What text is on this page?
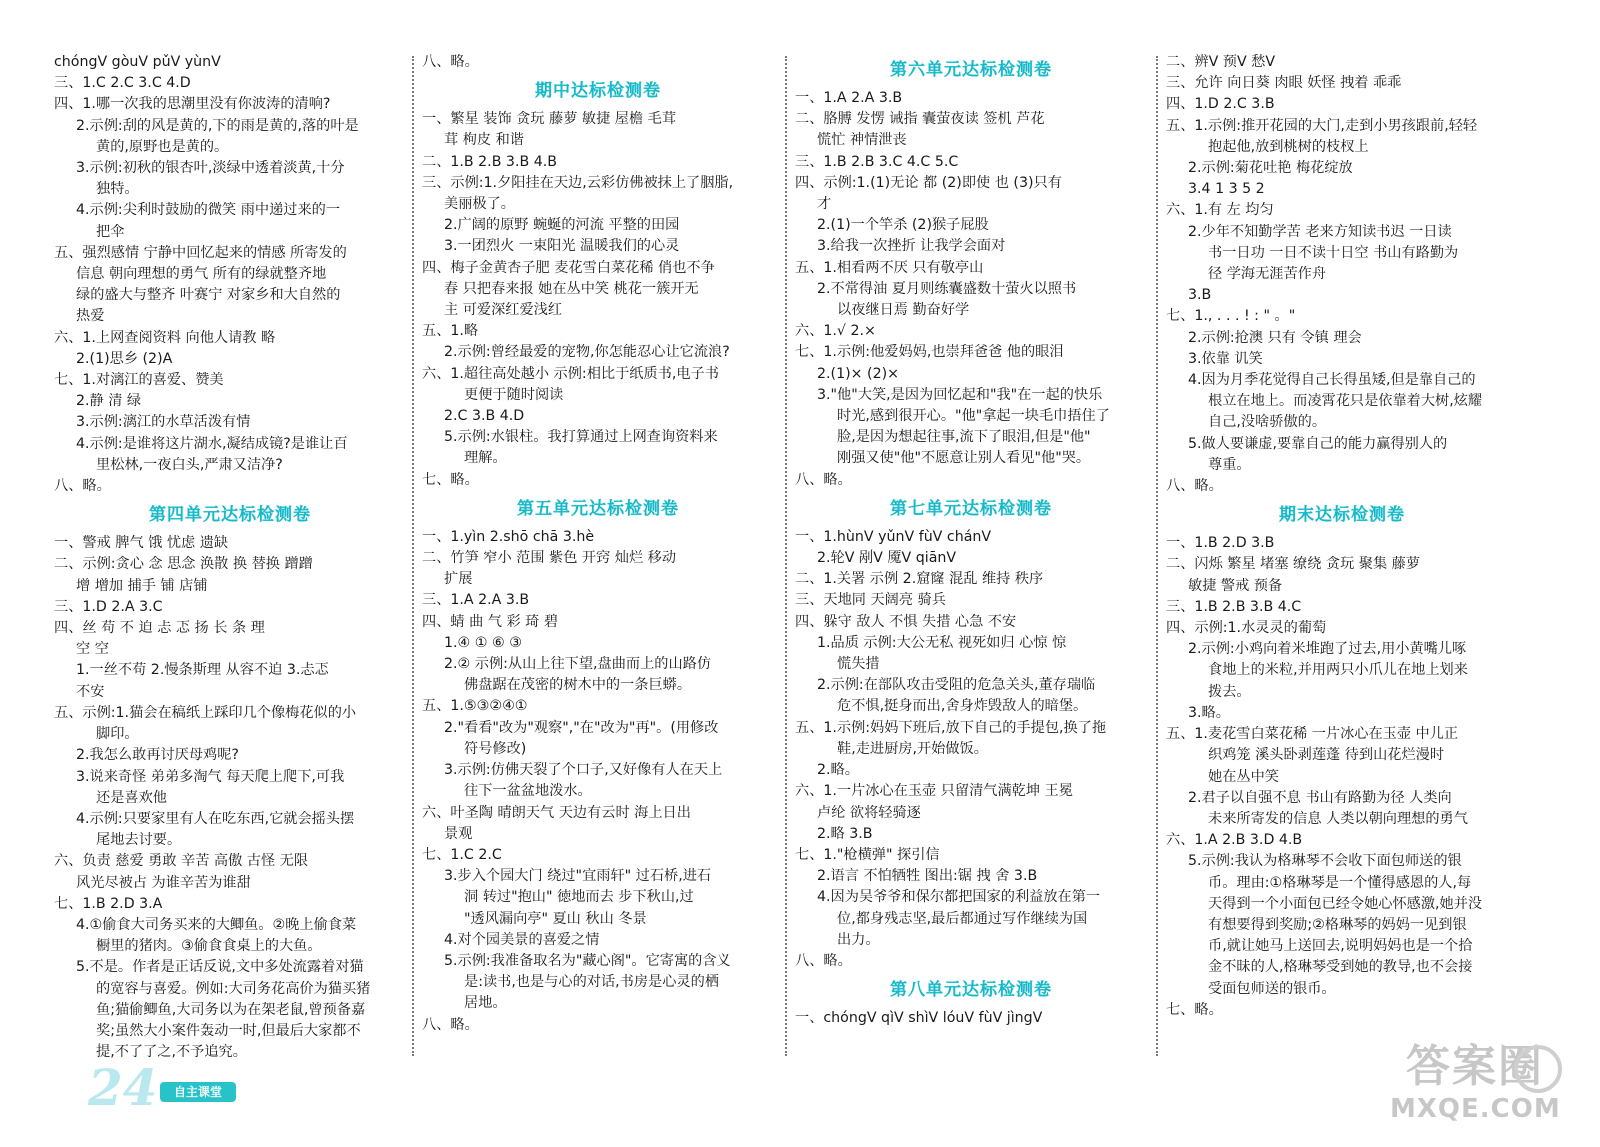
chóngV gòuV pǔV yùnV
三、1.C 2.C 3.C 4.D
四、1.哪一次我的思潮里没有你波涛的清响?
2.示例:刮的风是黄的,下的雨是黄的,落的叶是
黄的,原野也是黄的。
3.示例:初秋的银杏叶,淡绿中透着淡黄,十分
独特。
4.示例:尖利时鼓励的微笑 雨中递过来的一
把伞
五、强烈感情 宁静中回忆起来的情感 所寄发的
信息 朝向理想的勇气 所有的绿就整齐地
绿的盛大与整齐 叶赛宁 对家乡和大自然的
热爱
六、1.上网查阅资料 向他人请教 略
2.(1)思乡 (2)A
七、1.对漓江的喜爱、赞美
2.静 清 绿
3.示例:漓江的水草活泼有情
4.示例:是谁将这片湖水,凝结成镜?是谁让百
里松林,一夜白头,严肃又洁净?
八、略。
第四单元达标检测卷
一、警戒 脾气 饿 忧虑 遗缺
二、示例:贪心 念 思念 涣散 换 替换 蹭蹭
增 增加 捕手 铺 店铺
三、1.D 2.A 3.C
四、丝 苟 不 迫 忐 忑 扬 长 条 理
空 空
1.一丝不苟 2.慢条斯理 从容不迫 3.忐忑
不安
五、示例:1.猫会在稿纸上踩印几个像梅花似的小
脚印。
2.我怎么敢再讨厌母鸡呢?
3.说来奇怪 弟弟多淘气 每天爬上爬下,可我
还是喜欢他
4.示例:只要家里有人在吃东西,它就会摇头摆
尾地去讨要。
六、负责 慈爱 勇敢 辛苦 高傲 古怪 无限
风光尽被占 为谁辛苦为谁甜
七、1.B 2.D 3.A
4.①偷食大司务买来的大鲫鱼。②晚上偷食菜
橱里的猪肉。③偷食食桌上的大鱼。
5.不是。作者是正话反说,文中多处流露着对猫
的宽容与喜爱。例如:大司务花高价为猫买猪
鱼;猫偷鲫鱼,大司务以为在架老鼠,曾预备嘉
奖;虽然大小案件轰动一时,但最后大家都不
提,不了了之,不予追究。
八、略。
期中达标检测卷
一、繁星 装饰 贪玩 藤萝 敏捷 屋檐 毛茸
茸 枸皮 和谐
二、1.B 2.B 3.B 4.B
三、示例:1.夕阳挂在天边,云彩仿佛被抹上了胭脂,
美丽极了。
2.广阔的原野 蜿蜒的河流 平整的田园
3.一团烈火 一束阳光 温暖我们的心灵
四、梅子金黄杏子肥 麦花雪白菜花稀 俏也不争
春 只把春来报 她在丛中笑 桃花一簇开无
主 可爱深红爱浅红
五、1.略
2.示例:曾经最爱的宠物,你怎能忍心让它流浪?
六、1.超往高处越小 示例:相比于纸质书,电子书
更便于随时阅读
2.C 3.B 4.D
5.示例:水银柱。我打算通过上网查询资料来
理解。
七、略。
第五单元达标检测卷
一、1.yìn 2.shō chā 3.hè
二、竹笋 窄小 范围 紫色 开窍 灿烂 移动
扩展
三、1.A 2.A 3.B
四、蜻 曲 气 彩 琦 碧
1.④ ① ⑥ ③
2.② 示例:从山上往下望,盘曲而上的山路仿
佛盘踞在茂密的树木中的一条巨蟒。
五、1.⑤③②④①
2."看看"改为"观察","在"改为"再"。(用修改
符号修改)
3.示例:仿佛天裂了个口子,又好像有人在天上
往下一盆盆地泼水。
六、叶圣陶 晴朗天气 天边有云时 海上日出
景观
七、1.C 2.C
3.步入个园大门 绕过"宜雨轩" 过石桥,进石
洞 转过"抱山" 徳地而去 步下秋山,过
"透风漏向亭" 夏山 秋山 冬景
4.对个园美景的喜爱之情
5.示例:我准备取名为"藏心阁"。它寄寓的含义
是:读书,也是与心的对话,书房是心灵的栖
居地。
八、略。
第六单元达标检测卷
一、1.A 2.A 3.B
二、胳膊 发愣 诫指 囊萤夜读 签机 芦花
慌忙 神情泄丧
三、1.B 2.B 3.C 4.C 5.C
四、示例:1.(1)无论 都 (2)即使 也 (3)只有
才
2.(1)一个竿杀 (2)猴子屁股
3.给我一次挫折 让我学会面对
五、1.相看两不厌 只有敬亭山
2.不常得油 夏月则练囊盛数十萤火以照书
以夜继日焉 勤奋好学
六、1.√ 2.×
七、1.示例:他爱妈妈,也崇拜爸爸 他的眼泪
2.(1)× (2)×
3."他"大笑,是因为回忆起和"我"在一起的快乐
时光,感到很开心。"他"拿起一块毛巾捂住了
脸,是因为想起往事,流下了眼泪,但是"他"
刚强又使"他"不愿意让别人看见"他"哭。
八、略。
第七单元达标检测卷
一、1.hùnV yǔnV fùV chánV
2.轮V 剐V 魇V qiānV
二、1.关署 示例 2.窟窿 混乱 维持 秩序
三、天地同 天阔亮 骑兵
四、躲守 敌人 不惧 失措 心急 不安
1.品质 示例:大公无私 视死如归 心惊 惊
慌失措
2.示例:在部队攻击受阻的危急关头,董存瑞临
危不惧,挺身而出,舍身炸毁敌人的暗堡。
五、1.示例:妈妈下班后,放下自己的手提包,换了拖
鞋,走进厨房,开始做饭。
2.略。
六、1.一片冰心在玉壶 只留清气满乾坤 王冕
卢纶 欲将轻骑逐
2.略 3.B
七、1."枪横弹" 探引信
2.语言 不怕牺牲 图出:锯 拽 舍 3.B
4.因为吴爷爷和保尔都把国家的利益放在第一
位,都身残志坚,最后都通过写作继续为国
出力。
八、略。
第八单元达标检测卷
一、chóngV qìV shìV lóuV fùV jìngV
二、辨V 预V 愁V
三、允许 向日葵 肉眼 妖怪 拽着 乖乖
四、1.D 2.C 3.B
五、1.示例:推开花园的大门,走到小男孩跟前,轻轻
抱起他,放到桃树的枝杈上
2.示例:菊花吐艳 梅花绽放
3.4 1 3 5 2
六、1.有 左 均匀
2.少年不知勤学苦 老来方知读书迟 一日读
书一日功 一日不读十日空 书山有路勤为
径 学海无涯苦作舟
3.B
七、1., . . . ! : " 。"
2.示例:抢澳 只有 令镇 理会
3.依靠 讥笑
4.因为月季花觉得自己长得虽矮,但是靠自己的
根立在地上。而凌霄花只是依靠着大树,炫耀
自己,没啥骄傲的。
5.做人要谦虚,要靠自己的能力赢得别人的
尊重。
八、略。
期末达标检测卷
一、1.B 2.D 3.B
二、闪烁 繁星 堵塞 缭绕 贪玩 聚集 藤萝
敏捷 警戒 预备
三、1.B 2.B 3.B 4.C
四、示例:1.水灵灵的葡萄
2.示例:小鸡向着米堆跑了过去,用小黄嘴儿啄
食地上的米粒,并用两只小爪儿在地上划来
拨去。
3.略。
五、1.麦花雪白菜花稀 一片冰心在玉壶 中儿正
织鸡笼 溪头卧剥莲蓬 待到山花烂漫时
她在丛中笑
2.君子以自强不息 书山有路勤为径 人类向
未来所寄发的信息 人类以朝向理想的勇气
六、1.A 2.B 3.D 4.B
5.示例:我认为格琳琴不会收下面包师送的银
币。理由:①格琳琴是一个懂得感恩的人,每
天得到一个小面包已经令她心怀感激,她并没
有想要得到奖励;②格琳琴的妈妈一见到银
币,就让她马上送回去,说明妈妈也是一个拾
金不昧的人,格琳琴受到她的教导,也不会接
受面包师送的银币。
七、略。
24	自主课堂	答案圈
MXQE.COM
